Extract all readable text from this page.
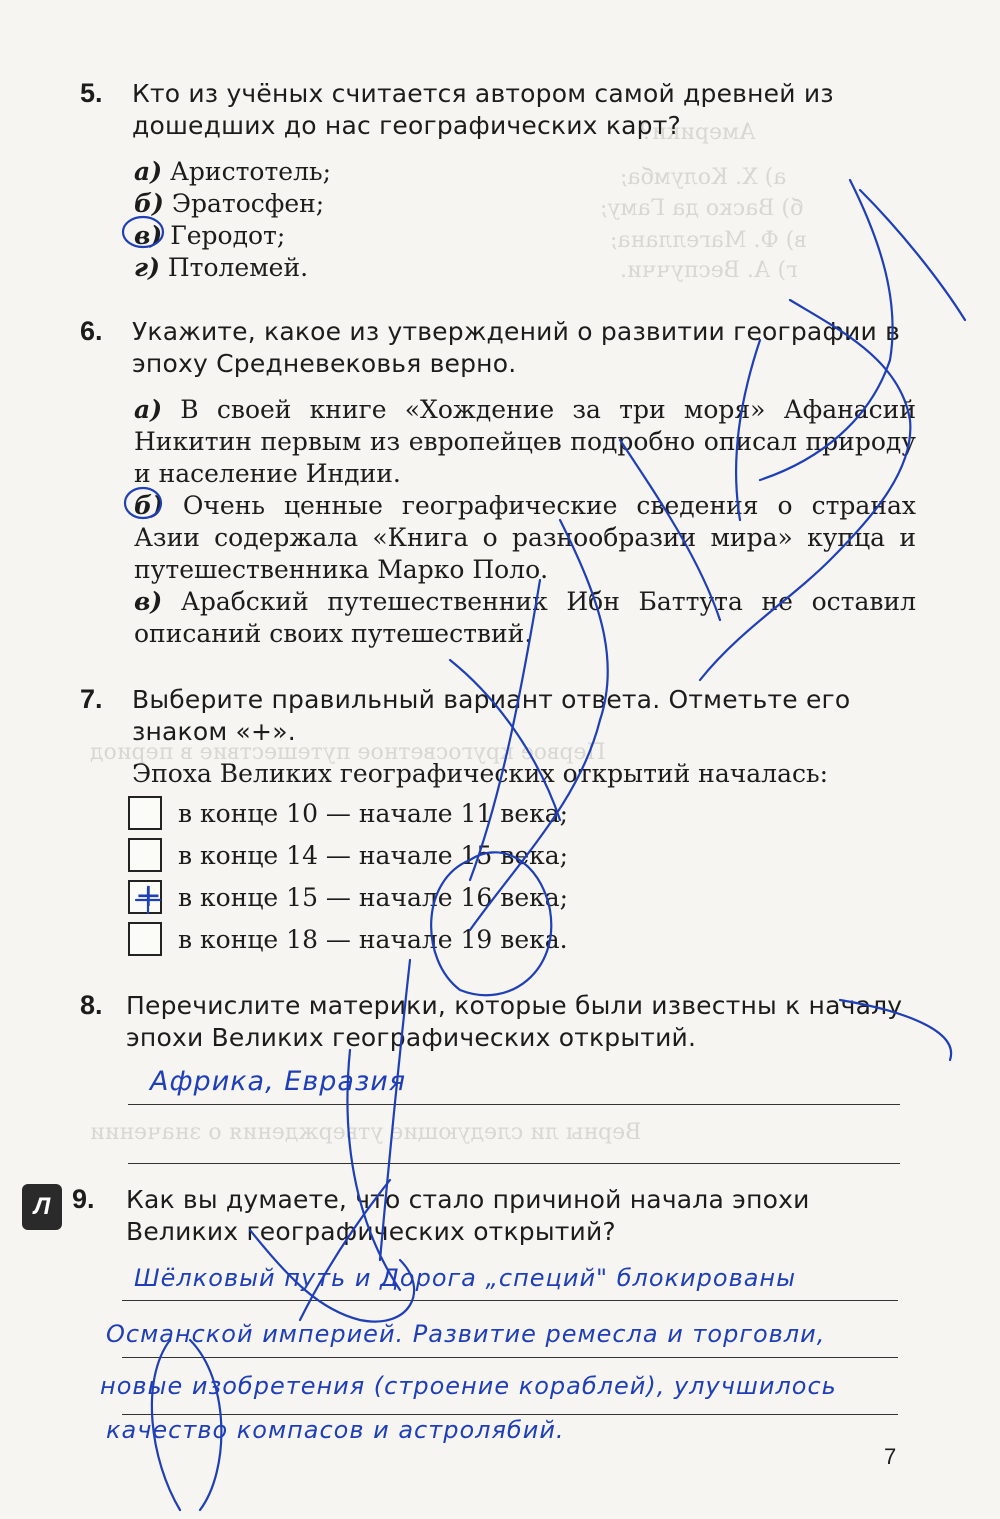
Америки?
а) Х. Колумба;
б) Васко да Гаму;
в) Ф. Магеллана;
г) А. Веспуччи.
Первое кругосветное путешествие в период
Верны ли следующие утверждения о значении
5. Кто из учёных считается автором самой древней из дошедших до нас географических карт?
а) Аристотель;
б) Эратосфен;
в) Геродот;
г) Птолемей.
6. Укажите, какое из утверждений о развитии географии в эпоху Средневековья верно.
а) В своей книге «Хождение за три моря» Афанасий Никитин первым из европейцев подробно описал природу и население Индии.
б) Очень ценные географические сведения о странах Азии содержала «Книга о разнообразии мира» купца и путешественника Марко Поло.
в) Арабский путешественник Ибн Баттута не оставил описаний своих путешествий.
7. Выберите правильный вариант ответа. Отметьте его знаком «+».
Эпоха Великих географических открытий началась:
в конце 10 — начале 11 века;
в конце 14 — начале 15 века;
+ в конце 15 — начале 16 века;
в конце 18 — начале 19 века.
8. Перечислите материки, которые были известны к началу эпохи Великих географических открытий.
Африка, Евразия
Л 9. Как вы думаете, что стало причиной начала эпохи Великих географических открытий?
Шёлковый путь и Дорога „специй" блокированы
Османской империей. Развитие ремесла и торговли,
новые изобретения (строение кораблей), улучшилось
качество компасов и астролябий.
7
